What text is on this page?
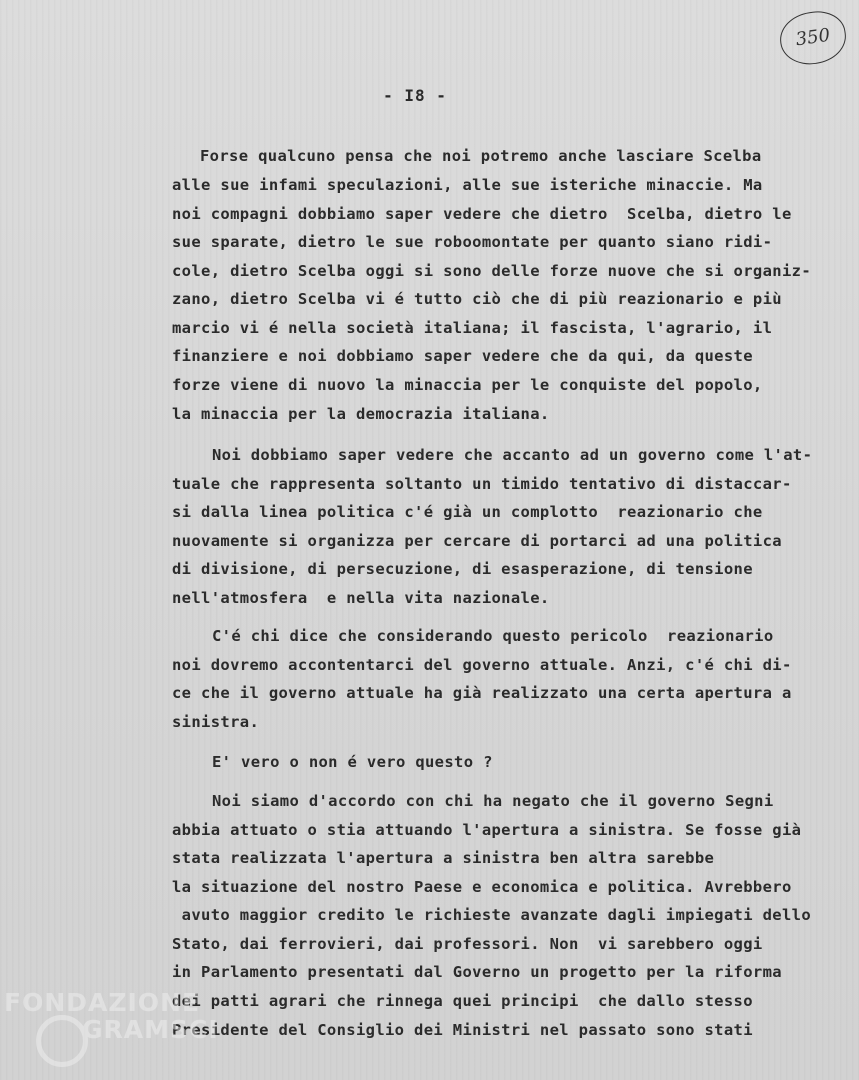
350
- I8 -
Forse qualcuno pensa che noi potremo anche lasciare Scelba
alle sue infami speculazioni, alle sue isteriche minaccie. Ma
noi compagni dobbiamo saper vedere che dietro  Scelba, dietro le
sue sparate, dietro le sue roboomontate per quanto siano ridi-
cole, dietro Scelba oggi si sono delle forze nuove che si organiz-
zano, dietro Scelba vi é tutto ciò che di più reazionario e più
marcio vi é nella società italiana; il fascista, l'agrario, il
finanziere e noi dobbiamo saper vedere che da qui, da queste
forze viene di nuovo la minaccia per le conquiste del popolo,
la minaccia per la democrazia italiana.
Noi dobbiamo saper vedere che accanto ad un governo come l'at-
tuale che rappresenta soltanto un timido tentativo di distaccar-
si dalla linea politica c'é già un complotto  reazionario che
nuovamente si organizza per cercare di portarci ad una politica
di divisione, di persecuzione, di esasperazione, di tensione
nell'atmosfera  e nella vita nazionale.
C'é chi dice che considerando questo pericolo  reazionario
noi dovremo accontentarci del governo attuale. Anzi, c'é chi di-
ce che il governo attuale ha già realizzato una certa apertura a
sinistra.
E' vero o non é vero questo ?
Noi siamo d'accordo con chi ha negato che il governo Segni
abbia attuato o stia attuando l'apertura a sinistra. Se fosse già
stata realizzata l'apertura a sinistra ben altra sarebbe
la situazione del nostro Paese e economica e politica. Avrebbero
avuto maggior credito le richieste avanzate dagli impiegati dello
Stato, dai ferrovieri, dai professori. Non  vi sarebbero oggi
in Parlamento presentati dal Governo un progetto per la riforma
dei patti agrari che rinnega quei principi  che dallo stesso
Presidente del Consiglio dei Ministri nel passato sono stati
FONDAZIONE
GRAMSCI
